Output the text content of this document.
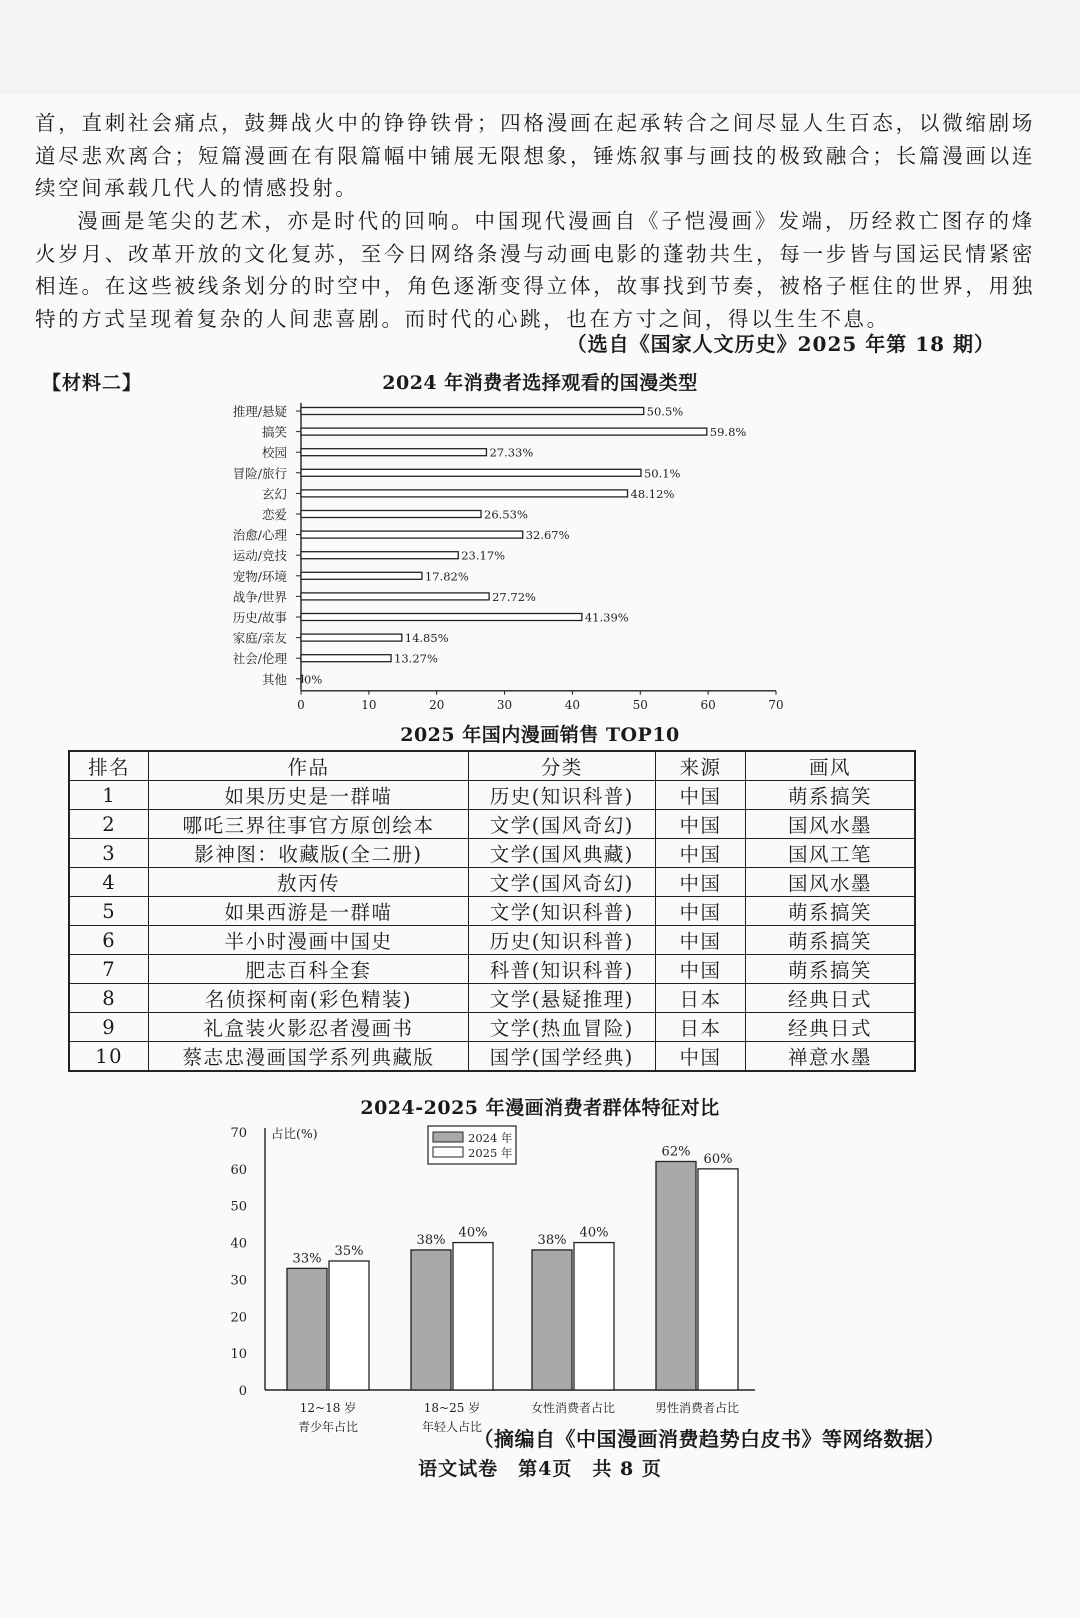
首，直刺社会痛点，鼓舞战火中的铮铮铁骨；四格漫画在起承转合之间尽显人生百态，以微缩剧场道尽悲欢离合；短篇漫画在有限篇幅中铺展无限想象，锤炼叙事与画技的极致融合；长篇漫画以连续空间承载几代人的情感投射。
漫画是笔尖的艺术，亦是时代的回响。中国现代漫画自《子恺漫画》发端，历经救亡图存的烽火岁月、改革开放的文化复苏，至今日网络条漫与动画电影的蓬勃共生，每一步皆与国运民情紧密相连。在这些被线条划分的时空中，角色逐渐变得立体，故事找到节奏，被格子框住的世界，用独特的方式呈现着复杂的人间悲喜剧。而时代的心跳，也在方寸之间，得以生生不息。
（选自《国家人文历史》2025 年第 18 期）
【材料二】	2024 年消费者选择观看的国漫类型
推理/悬疑	50.5%
搞笑	59.8%
校园	27.33%
冒险/旅行	50.1%
玄幻	48.12%
恋爱	26.53%
治愈/心理	32.67%
运动/竞技	23.17%
宠物/环境	17.82%
战争/世界	27.72%
历史/故事	41.39%
家庭/亲友	14.85%
社会/伦理	13.27%
其他 0%
0	10	20	30	40	50	60	70
2025 年国内漫画销售 TOP10
排名	作品	分类	来源	画风
1	如果历史是一群喵	历史(知识科普)	中国	萌系搞笑
2	哪吒三界往事官方原创绘本	文学(国风奇幻)	中国	国风水墨
3	影神图：收藏版(全二册)	文学(国风典藏)	中国	国风工笔
4	敖丙传	文学(国风奇幻)	中国	国风水墨
5	如果西游是一群喵	文学(知识科普)	中国	萌系搞笑
6	半小时漫画中国史	历史(知识科普)	中国	萌系搞笑
7	肥志百科全套	科普(知识科普)	中国	萌系搞笑
8	名侦探柯南(彩色精装)	文学(悬疑推理)	日本	经典日式
9	礼盒装火影忍者漫画书	文学(热血冒险)	日本	经典日式
10	蔡志忠漫画国学系列典藏版	国学(国学经典)	中国	禅意水墨
2024-2025 年漫画消费者群体特征对比
占比(%)
0
10
20
30
40
50
60
70
33% 35%
12~18 岁
青少年占比
38% 40%
18~25 岁
年轻人占比
38% 40%
女性消费者占比
62% 60%
男性消费者占比
2024 年
2025 年
（摘编自《中国漫画消费趋势白皮书》等网络数据）
语文试卷　第4页　共 8 页
